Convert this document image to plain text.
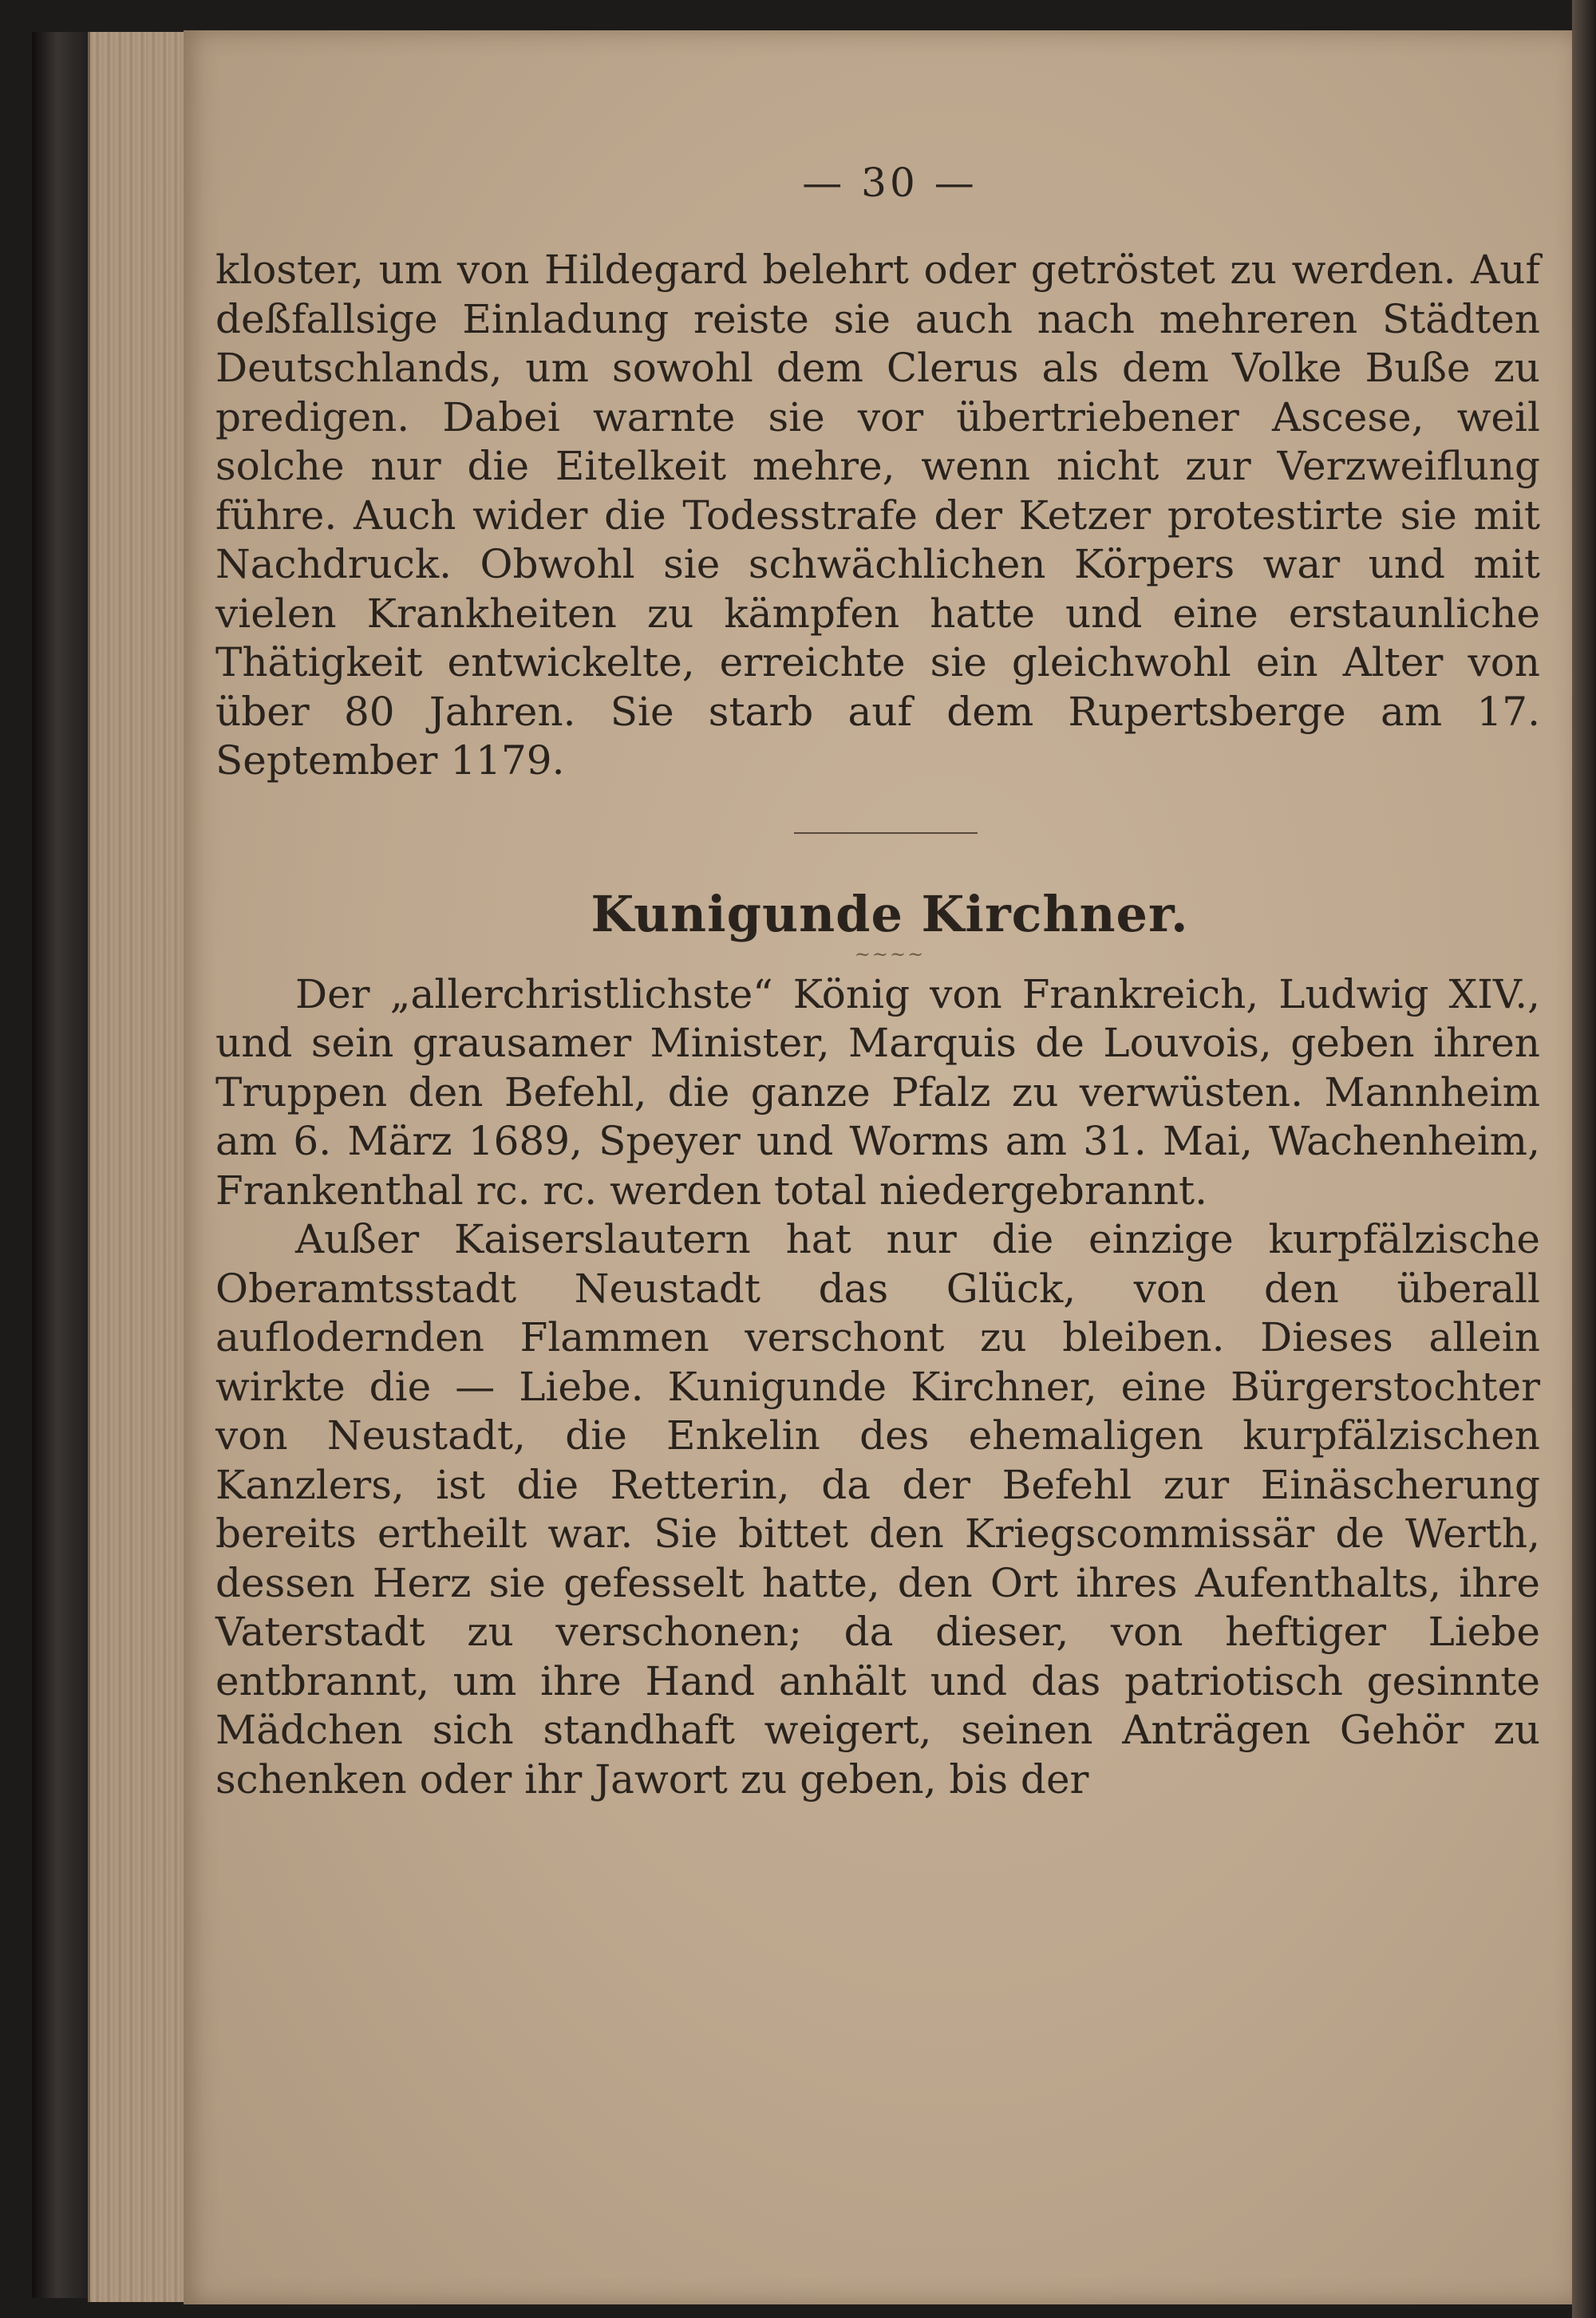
— 30 —

kloster, um von Hildegard belehrt oder getröstet zu werden. Auf deßfallsige Einladung reiste sie auch nach mehreren Städten Deutschlands, um sowohl dem Clerus als dem Volke Buße zu predigen. Dabei warnte sie vor übertriebener Ascese, weil solche nur die Eitelkeit mehre, wenn nicht zur Verzweiflung führe. Auch wider die Todesstrafe der Ketzer protestirte sie mit Nachdruck. Obwohl sie schwächlichen Körpers war und mit vielen Krankheiten zu kämpfen hatte und eine erstaunliche Thätigkeit entwickelte, erreichte sie gleichwohl ein Alter von über 80 Jahren. Sie starb auf dem Rupertsberge am 17. September 1179.

Kunigunde Kirchner.
~~~~

Der „allerchristlichste“ König von Frankreich, Ludwig XIV., und sein grausamer Minister, Marquis de Louvois, geben ihren Truppen den Befehl, die ganze Pfalz zu verwüsten. Mannheim am 6. März 1689, Speyer und Worms am 31. Mai, Wachenheim, Frankenthal rc. rc. werden total niedergebrannt.

Außer Kaiserslautern hat nur die einzige kurpfälzische Oberamtsstadt Neustadt das Glück, von den überall auflodernden Flammen verschont zu bleiben. Dieses allein wirkte die — Liebe. Kunigunde Kirchner, eine Bürgerstochter von Neustadt, die Enkelin des ehemaligen kurpfälzischen Kanzlers, ist die Retterin, da der Befehl zur Einäscherung bereits ertheilt war. Sie bittet den Kriegscommissär de Werth, dessen Herz sie gefesselt hatte, den Ort ihres Aufenthalts, ihre Vaterstadt zu verschonen; da dieser, von heftiger Liebe entbrannt, um ihre Hand anhält und das patriotisch gesinnte Mädchen sich standhaft weigert, seinen Anträgen Gehör zu schenken oder ihr Jawort zu geben, bis der
